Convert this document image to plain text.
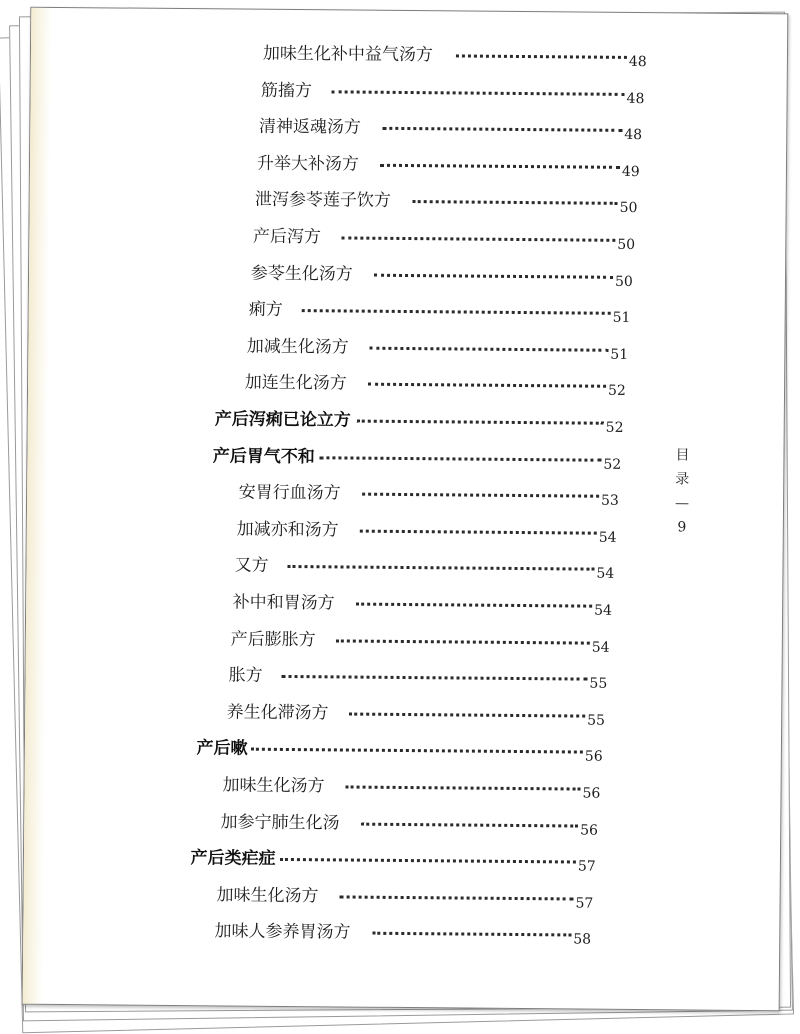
加味生化补中益气汤方	48
筋搐方	48
清神返魂汤方	48
升举大补汤方	49
泄泻参苓莲子饮方	50
产后泻方	50
参苓生化汤方	50
痢方	51
加减生化汤方	51
加连生化汤方	52
产后泻痢已论立方	52
产后胃气不和	52
安胃行血汤方	53
加减亦和汤方	54
又方	54
补中和胃汤方	54
产后膨胀方	54
胀方	55
养生化滞汤方	55
产后嗽	56
加味生化汤方	56
加参宁肺生化汤	56
产后类疟症	57
加味生化汤方	57
加味人参养胃汤方	58
目
录
—
9
